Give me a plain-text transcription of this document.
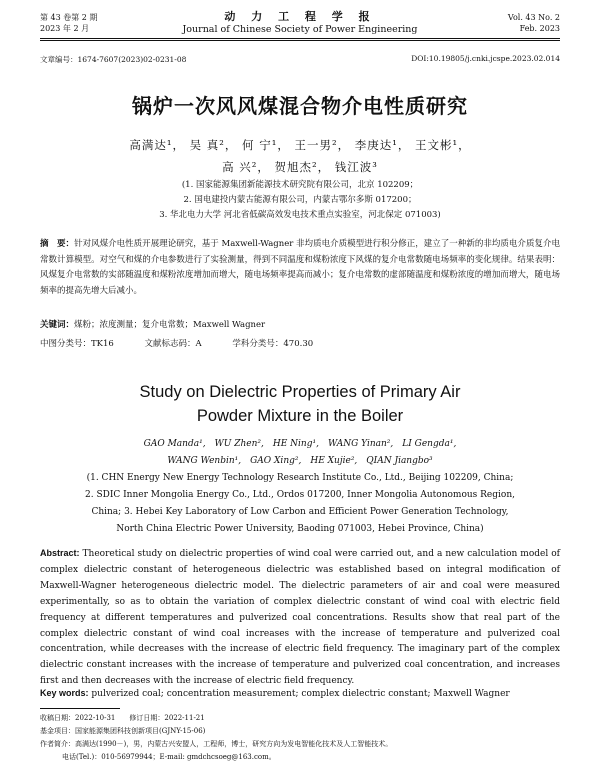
第 43 卷第 2 期
2023 年 2 月
动 力 工 程 学 报
Journal of Chinese Society of Power Engineering
Vol. 43 No. 2
Feb. 2023
文章编号：1674-7607(2023)02-0231-08	DOI:10.19805/j.cnki.jcspe.2023.02.014
锅炉一次风风煤混合物介电性质研究
高满达¹， 吴 真²， 何 宁¹， 王一男²， 李庚达¹， 王文彬¹，
高 兴²， 贺旭杰²， 钱江波³
(1. 国家能源集团新能源技术研究院有限公司，北京 102209；
2. 国电建投内蒙古能源有限公司，内蒙古鄂尔多斯 017200；
3. 华北电力大学 河北省低碳高效发电技术重点实验室，河北保定 071003)
摘　要：针对风煤介电性质开展理论研究，基于 Maxwell-Wagner 非均质电介质模型进行积分修正，建立了一种新的非均质电介质复介电常数计算模型。对空气和煤的介电参数进行了实验测量，得到不同温度和煤粉浓度下风煤的复介电常数随电场频率的变化规律。结果表明：风煤复介电常数的实部随温度和煤粉浓度增加而增大，随电场频率提高而减小；复介电常数的虚部随温度和煤粉浓度的增加而增大，随电场频率的提高先增大后减小。
关键词：煤粉；浓度测量；复介电常数；Maxwell Wagner
中图分类号：TK16	文献标志码：A	学科分类号：470.30
Study on Dielectric Properties of Primary Air
Powder Mixture in the Boiler
GAO Manda¹,　WU Zhen²,　HE Ning¹,　WANG Yinan²,　LI Gengda¹,
WANG Wenbin¹,　GAO Xing²,　HE Xujie²,　QIAN Jiangbo³
(1. CHN Energy New Energy Technology Research Institute Co., Ltd., Beijing 102209, China;
2. SDIC Inner Mongolia Energy Co., Ltd., Ordos 017200, Inner Mongolia Autonomous Region,
China; 3. Hebei Key Laboratory of Low Carbon and Efficient Power Generation Technology,
North China Electric Power University, Baoding 071003, Hebei Province, China)
Abstract: Theoretical study on dielectric properties of wind coal were carried out, and a new calculation model of complex dielectric constant of heterogeneous dielectric was established based on integral modification of Maxwell-Wagner heterogeneous dielectric model. The dielectric parameters of air and coal were measured experimentally, so as to obtain the variation of complex dielectric constant of wind coal with electric field frequency at different temperatures and pulverized coal concentrations. Results show that real part of the complex dielectric constant of wind coal increases with the increase of temperature and pulverized coal concentration, while decreases with the increase of electric field frequency. The imaginary part of the complex dielectric constant increases with the increase of temperature and pulverized coal concentration, and increases first and then decreases with the increase of electric field frequency.
Key words: pulverized coal; concentration measurement; complex dielectric constant; Maxwell Wagner
收稿日期：2022-10-31　　修订日期：2022-11-21
基金项目：国家能源集团科技创新项目(GJNY-15-06)
作者简介：高满达(1990－)，男，内蒙古兴安盟人，工程师，博士，研究方向为发电智能化技术及人工智能技术。
电话(Tel.)：010-56979944；E-mail: gmdchcsoeg@163.com。
